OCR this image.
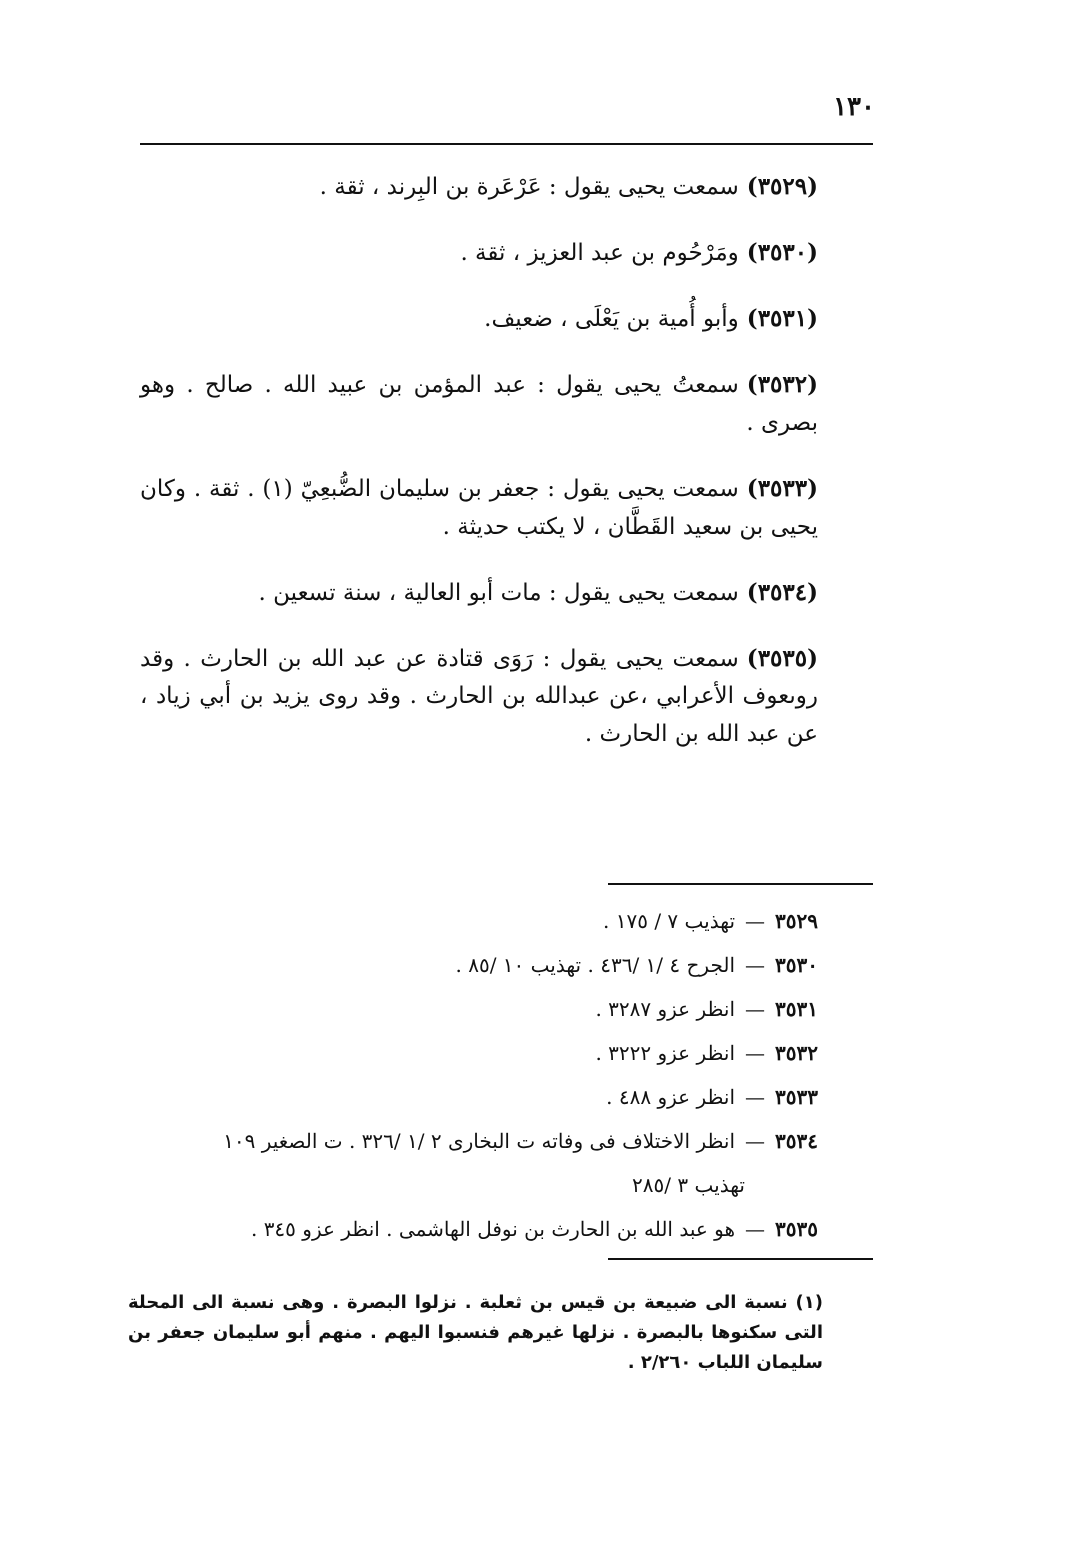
١٣٠
(٣٥٢٩)سمعت يحيى يقول : عَرْعَرة بن البِرند ، ثقة .
(٣٥٣٠)ومَرْحُوم بن عبد العزيز ، ثقة .
(٣٥٣١)وأبو أُمية بن يَعْلَى ، ضعيف.
(٣٥٣٢)سمعتُ يحيى يقول : عبد المؤمن بن عبيد الله . صالح . وهو بصرى .
(٣٥٣٣)سمعت يحيى يقول : جعفر بن سليمان الضُّبعِيّ (١) . ثقة . وكان يحيى بن سعيد القَطَّان ، لا يكتب حديثة .
(٣٥٣٤)سمعت يحيى يقول : مات أبو العالية ، سنة تسعين .
(٣٥٣٥)سمعت يحيى يقول : رَوَى قتادة عن عبد الله بن الحارث . وقد روىعوف الأعرابي ،عن عبدالله بن الحارث . وقد روى يزيد بن أبي زياد ، عن عبد الله بن الحارث .
٣٥٢٩—تهذيب ٧ / ١٧٥ .
٣٥٣٠—الجرح ٤ /١ /٤٣٦ . تهذيب ١٠ /٨٥ .
٣٥٣١—انظر عزو ٣٢٨٧ .
٣٥٣٢—انظر عزو ٣٢٢٢ .
٣٥٣٣—انظر عزو ٤٨٨ .
٣٥٣٤—انظر الاختلاف فى وفاته ت البخارى ٢ /١ /٣٢٦ . ت الصغير ١٠٩
تهذيب ٣ /٢٨٥
٣٥٣٥—هو عبد الله بن الحارث بن نوفل الهاشمى . انظر عزو ٣٤٥ .

(١) نسبة الى ضبيعة بن قيس بن ثعلبة . نزلوا البصرة . وهى نسبة الى المحلة التى سكنوها بالبصرة . نزلها غيرهم فنسبوا اليهم . منهم أبو سليمان جعفر بن سليمان اللباب ٢/٢٦٠ .
